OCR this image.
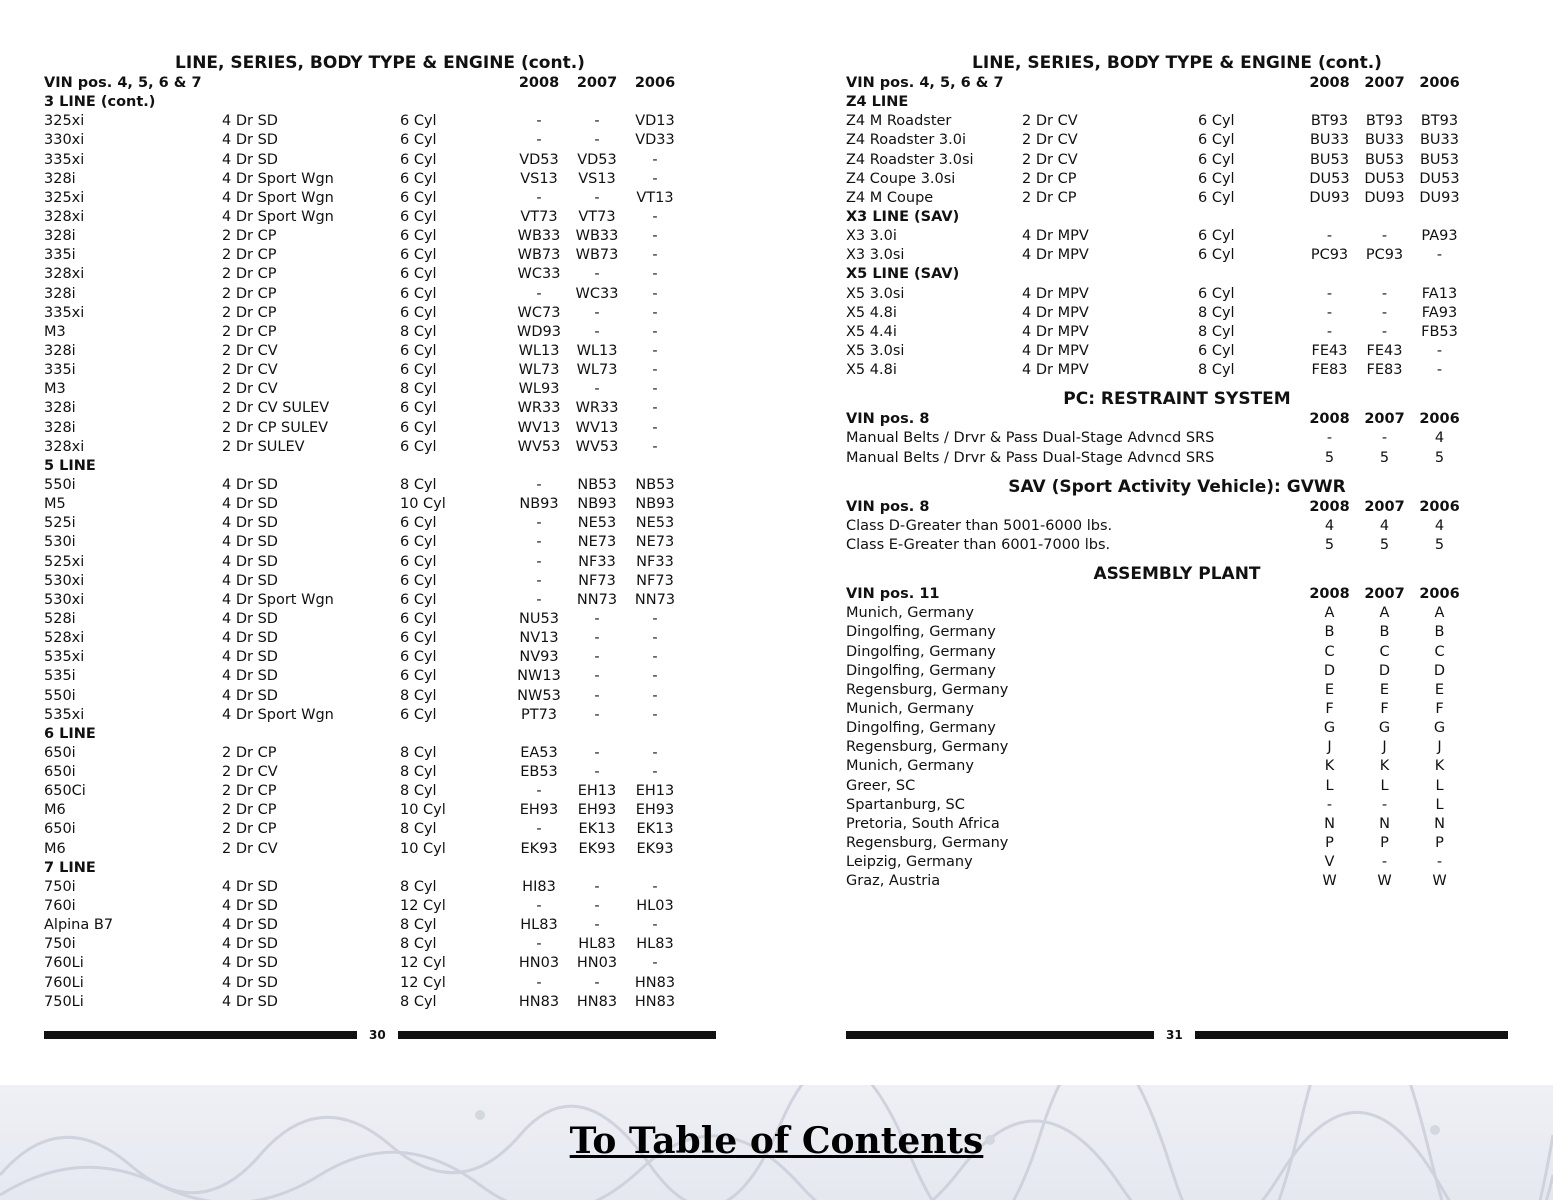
LINE, SERIES, BODY TYPE & ENGINE (cont.)
VIN pos. 4, 5, 6 & 7	2008	2007	2006
3 LINE (cont.)
325xi	4 Dr SD	6 Cyl	-	-	VD13
330xi	4 Dr SD	6 Cyl	-	-	VD33
335xi	4 Dr SD	6 Cyl	VD53	VD53	-
328i	4 Dr Sport Wgn	6 Cyl	VS13	VS13	-
325xi	4 Dr Sport Wgn	6 Cyl	-	-	VT13
328xi	4 Dr Sport Wgn	6 Cyl	VT73	VT73	-
328i	2 Dr CP	6 Cyl	WB33	WB33	-
335i	2 Dr CP	6 Cyl	WB73	WB73	-
328xi	2 Dr CP	6 Cyl	WC33	-	-
328i	2 Dr CP	6 Cyl	-	WC33	-
335xi	2 Dr CP	6 Cyl	WC73	-	-
M3	2 Dr CP	8 Cyl	WD93	-	-
328i	2 Dr CV	6 Cyl	WL13	WL13	-
335i	2 Dr CV	6 Cyl	WL73	WL73	-
M3	2 Dr CV	8 Cyl	WL93	-	-
328i	2 Dr CV SULEV	6 Cyl	WR33	WR33	-
328i	2 Dr CP SULEV	6 Cyl	WV13	WV13	-
328xi	2 Dr SULEV	6 Cyl	WV53	WV53	-
5 LINE
550i	4 Dr SD	8 Cyl	-	NB53	NB53
M5	4 Dr SD	10 Cyl	NB93	NB93	NB93
525i	4 Dr SD	6 Cyl	-	NE53	NE53
530i	4 Dr SD	6 Cyl	-	NE73	NE73
525xi	4 Dr SD	6 Cyl	-	NF33	NF33
530xi	4 Dr SD	6 Cyl	-	NF73	NF73
530xi	4 Dr Sport Wgn	6 Cyl	-	NN73	NN73
528i	4 Dr SD	6 Cyl	NU53	-	-
528xi	4 Dr SD	6 Cyl	NV13	-	-
535xi	4 Dr SD	6 Cyl	NV93	-	-
535i	4 Dr SD	6 Cyl	NW13	-	-
550i	4 Dr SD	8 Cyl	NW53	-	-
535xi	4 Dr Sport Wgn	6 Cyl	PT73	-	-
6 LINE
650i	2 Dr CP	8 Cyl	EA53	-	-
650i	2 Dr CV	8 Cyl	EB53	-	-
650Ci	2 Dr CP	8 Cyl	-	EH13	EH13
M6	2 Dr CP	10 Cyl	EH93	EH93	EH93
650i	2 Dr CP	8 Cyl	-	EK13	EK13
M6	2 Dr CV	10 Cyl	EK93	EK93	EK93
7 LINE
750i	4 Dr SD	8 Cyl	HI83	-	-
760i	4 Dr SD	12 Cyl	-	-	HL03
Alpina B7	4 Dr SD	8 Cyl	HL83	-	-
750i	4 Dr SD	8 Cyl	-	HL83	HL83
760Li	4 Dr SD	12 Cyl	HN03	HN03	-
760Li	4 Dr SD	12 Cyl	-	-	HN83
750Li	4 Dr SD	8 Cyl	HN83	HN83	HN83
LINE, SERIES, BODY TYPE & ENGINE (cont.)
VIN pos. 4, 5, 6 & 7	2008	2007	2006
Z4 LINE
Z4 M Roadster	2 Dr CV	6 Cyl	BT93	BT93	BT93
Z4 Roadster 3.0i	2 Dr CV	6 Cyl	BU33	BU33	BU33
Z4 Roadster 3.0si	2 Dr CV	6 Cyl	BU53	BU53	BU53
Z4 Coupe 3.0si	2 Dr CP	6 Cyl	DU53	DU53	DU53
Z4 M Coupe	2 Dr CP	6 Cyl	DU93	DU93	DU93
X3 LINE (SAV)
X3 3.0i	4 Dr MPV	6 Cyl	-	-	PA93
X3 3.0si	4 Dr MPV	6 Cyl	PC93	PC93	-
X5 LINE (SAV)
X5 3.0si	4 Dr MPV	6 Cyl	-	-	FA13
X5 4.8i	4 Dr MPV	8 Cyl	-	-	FA93
X5 4.4i	4 Dr MPV	8 Cyl	-	-	FB53
X5 3.0si	4 Dr MPV	6 Cyl	FE43	FE43	-
X5 4.8i	4 Dr MPV	8 Cyl	FE83	FE83	-
PC: RESTRAINT SYSTEM
VIN pos. 8	2008	2007	2006
Manual Belts / Drvr & Pass Dual-Stage Advncd SRS	-	-	4
Manual Belts / Drvr & Pass Dual-Stage Advncd SRS	5	5	5
SAV (Sport Activity Vehicle): GVWR
VIN pos. 8	2008	2007	2006
Class D-Greater than 5001-6000 lbs.	4	4	4
Class E-Greater than 6001-7000 lbs.	5	5	5
ASSEMBLY PLANT
VIN pos. 11	2008	2007	2006
Munich, Germany	A	A	A
Dingolfing, Germany	B	B	B
Dingolfing, Germany	C	C	C
Dingolfing, Germany	D	D	D
Regensburg, Germany	E	E	E
Munich, Germany	F	F	F
Dingolfing, Germany	G	G	G
Regensburg, Germany	J	J	J
Munich, Germany	K	K	K
Greer, SC	L	L	L
Spartanburg, SC	-	-	L
Pretoria, South Africa	N	N	N
Regensburg, Germany	P	P	P
Leipzig, Germany	V	-	-
Graz, Austria	W	W	W
30	31
To Table of Contents
